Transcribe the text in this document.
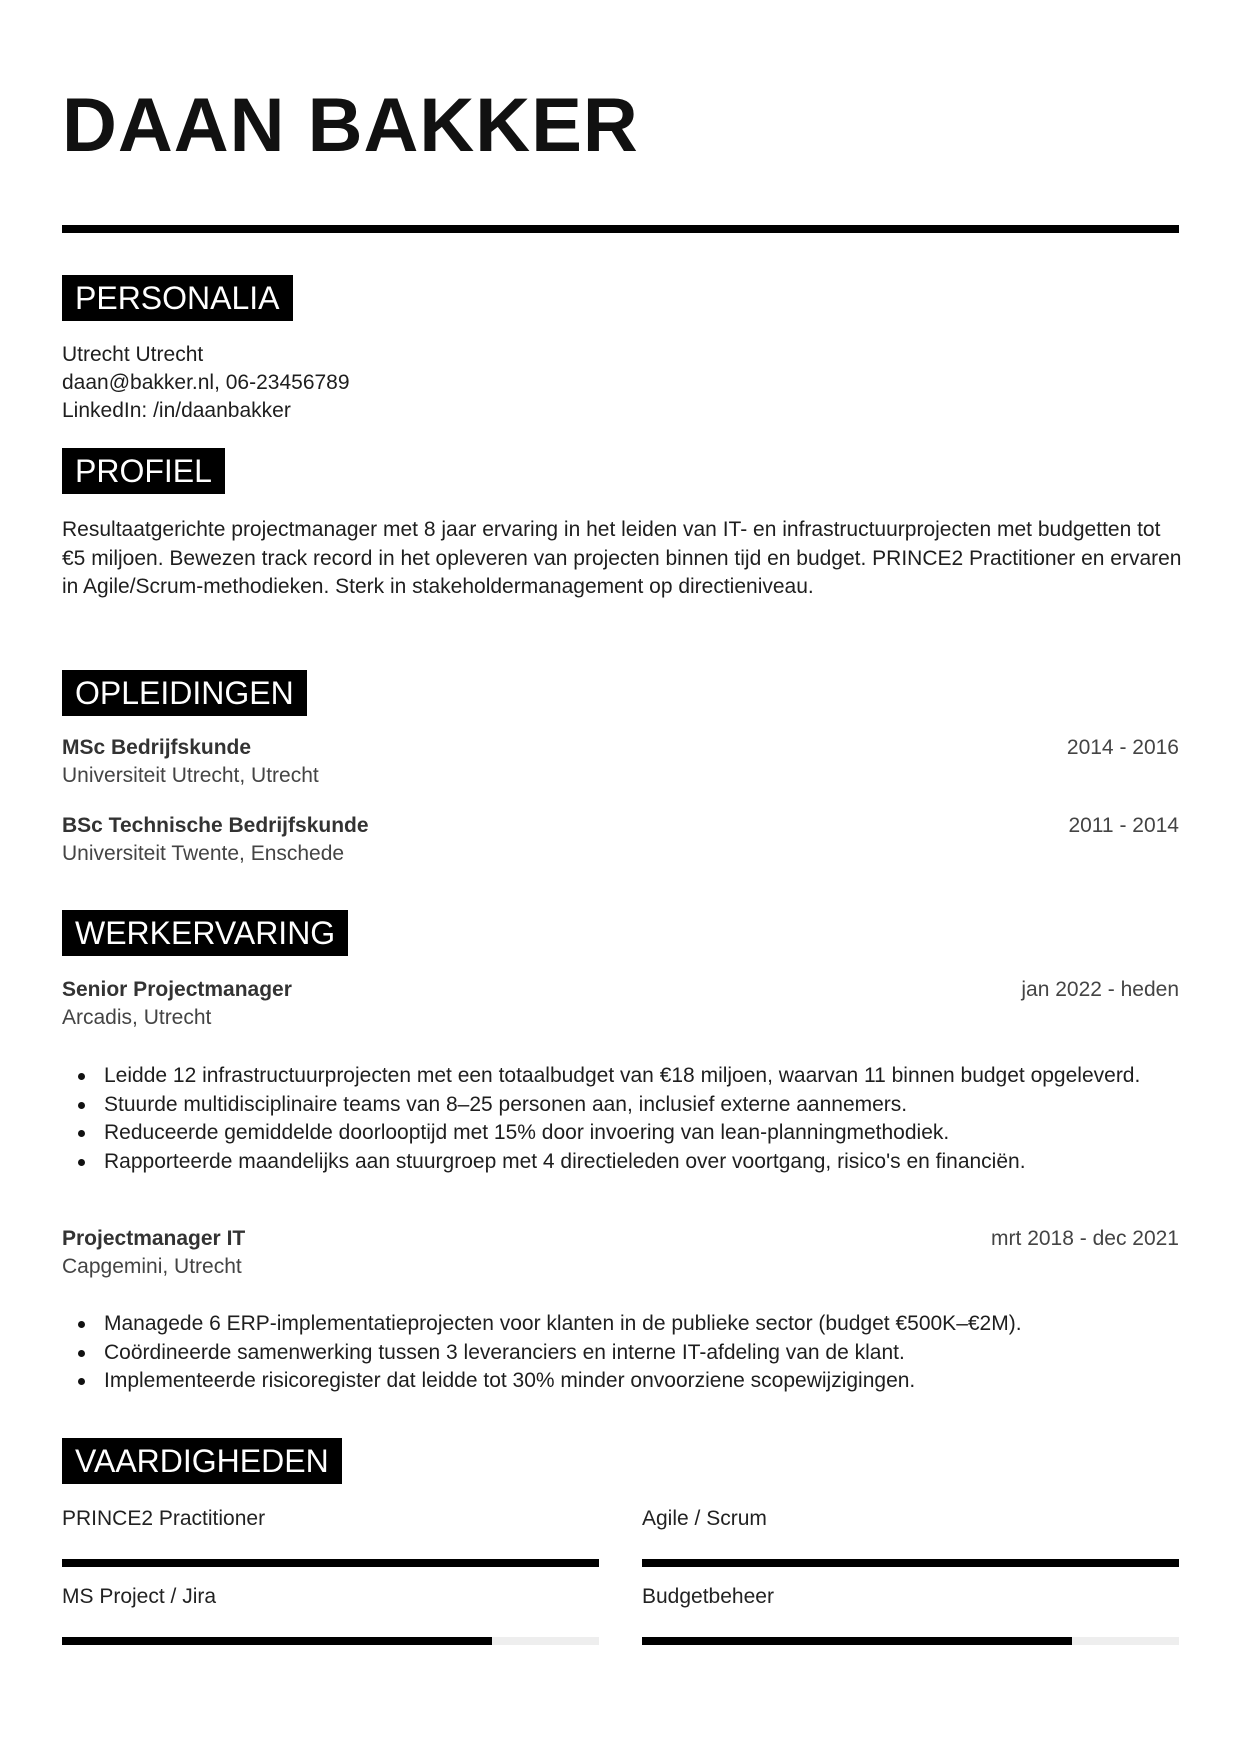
DAAN BAKKER
PERSONALIA

Utrecht Utrecht

daan@bakker.nl, 06-23456789

LinkedIn: /in/daanbakker

PROFIEL

Resultaatgerichte projectmanager met 8 jaar ervaring in het leiden van IT- en infrastructuurprojecten met budgetten tot €5 miljoen. Bewezen track record in het opleveren van projecten binnen tijd en budget. PRINCE2 Practitioner en ervaren in Agile/Scrum-methodieken. Sterk in stakeholdermanagement op directieniveau.

OPLEIDINGEN

MSc Bedrijfskunde	2014 - 2016

Universiteit Utrecht, Utrecht

BSc Technische Bedrijfskunde	2011 - 2014

Universiteit Twente, Enschede

WERKERVARING

Senior Projectmanager	jan 2022 - heden

Arcadis, Utrecht

Leidde 12 infrastructuurprojecten met een totaalbudget van €18 miljoen, waarvan 11 binnen budget opgeleverd.
Stuurde multidisciplinaire teams van 8–25 personen aan, inclusief externe aannemers.
Reduceerde gemiddelde doorlooptijd met 15% door invoering van lean-planningmethodiek.
Rapporteerde maandelijks aan stuurgroep met 4 directieleden over voortgang, risico's en financiën.

Projectmanager IT	mrt 2018 - dec 2021

Capgemini, Utrecht

Managede 6 ERP-implementatieprojecten voor klanten in de publieke sector (budget €500K–€2M).
Coördineerde samenwerking tussen 3 leveranciers en interne IT-afdeling van de klant.
Implementeerde risicoregister dat leidde tot 30% minder onvoorziene scopewijzigingen.
VAARDIGHEDEN

PRINCE2 Practitioner	Agile / Scrum

MS Project / Jira	Budgetbeheer
